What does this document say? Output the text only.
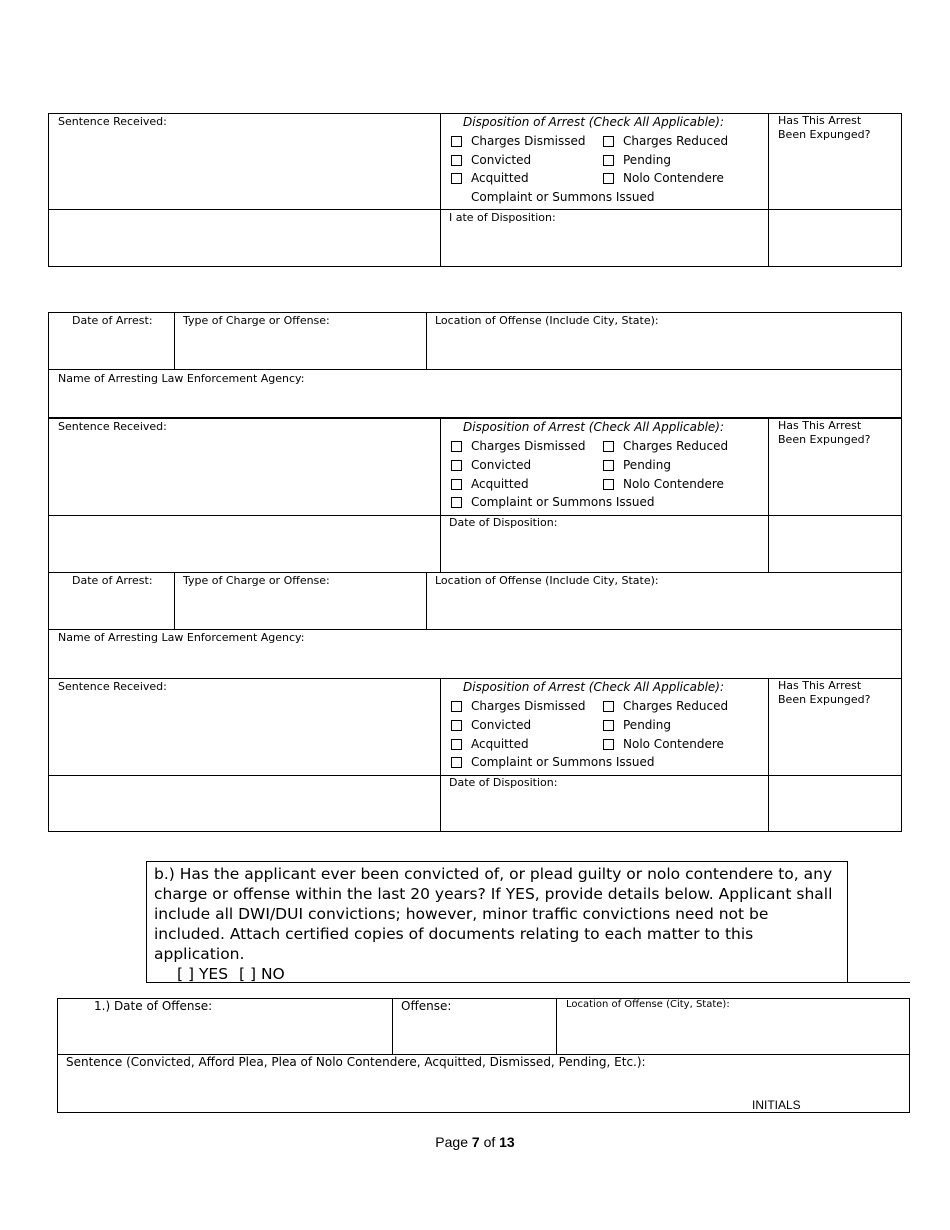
Sentence Received:	Disposition of Arrest (Check All Applicable):	Has This Arrest Been Expunged?
Charges Dismissed	Charges Reduced
Convicted	Pending
Acquitted	Nolo Contendere
Complaint or Summons Issued
I ate of Disposition:
Date of Arrest:	Type of Charge or Offense:	Location of Offense (Include City, State):
Name of Arresting Law Enforcement Agency:
Sentence Received:	Disposition of Arrest (Check All Applicable):	Has This Arrest Been Expunged?
Charges Dismissed	Charges Reduced
Convicted	Pending
Acquitted	Nolo Contendere
Complaint or Summons Issued
Date of Disposition:
Date of Arrest:	Type of Charge or Offense:	Location of Offense (Include City, State):
Name of Arresting Law Enforcement Agency:
Sentence Received:	Disposition of Arrest (Check All Applicable):	Has This Arrest Been Expunged?
Charges Dismissed	Charges Reduced
Convicted	Pending
Acquitted	Nolo Contendere
Complaint or Summons Issued
Date of Disposition:
b.) Has the applicant ever been convicted of, or plead guilty or nolo contendere to, any charge or offense within the last 20 years? If YES, provide details below. Applicant shall include all DWI/DUI convictions; however, minor traffic convictions need not be included. Attach certified copies of documents relating to each matter to this application.
[ ] YES [ ] NO
1.) Date of Offense:	Offense:	Location of Offense (City, State):
Sentence (Convicted, Afford Plea, Plea of Nolo Contendere, Acquitted, Dismissed, Pending, Etc.):
INITIALS
Page 7 of 13
